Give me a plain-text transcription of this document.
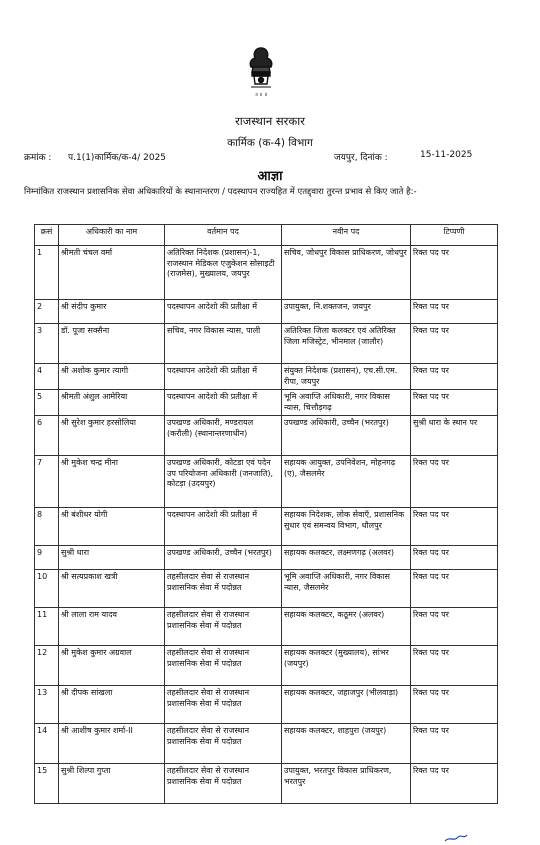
॥ ॥ ॥
राजस्थान सरकार
कार्मिक (क-4) विभाग
क्रमांक : प.1(1)कार्मिक/क-4/ 2025	जयपुर, दिनांक :	15-11-2025
आज्ञा
निम्नांकित राजस्थान प्रशासनिक सेवा अधिकारियों के स्थानान्तरण / पदस्थापन राज्यहित में एतद्द्वारा तुरन्त प्रभाव से किए जाते है:-
क्रसं	अधिकारी का नाम	वर्तमान पद	नवीन पद	टिप्पणी
1	श्रीमती चंचल वर्मा	अतिरिक्त निदेशक (प्रशासन)-1, राजस्थान मेडिकल एजुकेशन सोसाइटी (राजमेस), मुख्यालय, जयपुर	सचिव, जोधपुर विकास प्राधिकरण, जोधपुर	रिक्त पद पर
2	श्री संदीप कुमार	पदस्थापन आदेशो की प्रतीक्षा में	उपायुक्त, नि.शक्तजन, जयपुर	रिक्त पद पर
3	डॉ. पूजा सक्सैना	सचिव, नगर विकास न्यास, पाली	अतिरिक्त जिला कलक्टर एवं अतिरिक्त जिला मजिस्ट्रेट, भीनमाल (जालौर)	रिक्त पद पर
4	श्री अशोक कुमार त्यागी	पदस्थापन आदेशो की प्रतीक्षा में	संयुक्त निदेशक (प्रशासन), एच.सी.एम. रीपा, जयपुर	रिक्त पद पर
5	श्रीमती अंशुल आमेरिया	पदस्थापन आदेशो की प्रतीक्षा में	भूमि अवाप्ति अधिकारी, नगर विकास न्यास, चित्तौड़गढ़	रिक्त पद पर
6	श्री सुरेश कुमार हरसोलिया	उपखण्ड अधिकारी, मण्डरायल (करौली) (स्थानान्तरणाधीन)	उपखण्ड अधिकारी, उच्चैन (भरतपुर)	सुश्री धारा के स्थान पर
7	श्री मुकेश चन्द्र मीना	उपखण्ड अधिकारी, कोटडा एवं पदेन उप परियोजना अधिकारी (जनजाति), कोटड़ा (उदयपुर)	सहायक आयुक्त, उपनिवेशन, मोहनगढ़ (ए), जैसलमेर	रिक्त पद पर
8	श्री बंशीधर योगी	पदस्थापन आदेशो की प्रतीक्षा में	सहायक निदेशक, लोक सेवाएँ, प्रशासनिक सुधार एवं समन्वय विभाग, धौलपुर	रिक्त पद पर
9	सुश्री धारा	उपखण्ड अधिकारी, उच्चैन (भरतपुर)	सहायक कलक्टर, लक्ष्मणगढ़ (अलवर)	रिक्त पद पर
10	श्री सत्यप्रकाश खत्री	तहसीलदार सेवा से राजस्थान प्रशासनिक सेवा में पदोन्नत	भूमि अवाप्ति अधिकारी, नगर विकास न्यास, जैसलमेर	रिक्त पद पर
11	श्री लाला राम यादव	तहसीलदार सेवा से राजस्थान प्रशासनिक सेवा में पदोन्नत	सहायक कलक्टर, कठूमर (अलवर)	रिक्त पद पर
12	श्री मुकेश कुमार अग्रवाल	तहसीलदार सेवा से राजस्थान प्रशासनिक सेवा में पदोन्नत	सहायक कलक्टर (मुख्यालय), सांभर (जयपुर)	रिक्त पद पर
13	श्री दीपक सांखला	तहसीलदार सेवा से राजस्थान प्रशासनिक सेवा में पदोन्नत	सहायक कलक्टर, जहाजपुर (भीलवाड़ा)	रिक्त पद पर
14	श्री आशीष कुमार शर्मा-II	तहसीलदार सेवा से राजस्थान प्रशासनिक सेवा में पदोन्नत	सहायक कलक्टर, शाहपुरा (जयपुर)	रिक्त पद पर
15	सुश्री शिल्पा गुप्ता	तहसीलदार सेवा से राजस्थान प्रशासनिक सेवा में पदोन्नत	उपायुक्त, भरतपुर विकास प्राधिकरण, भरतपुर	रिक्त पद पर
